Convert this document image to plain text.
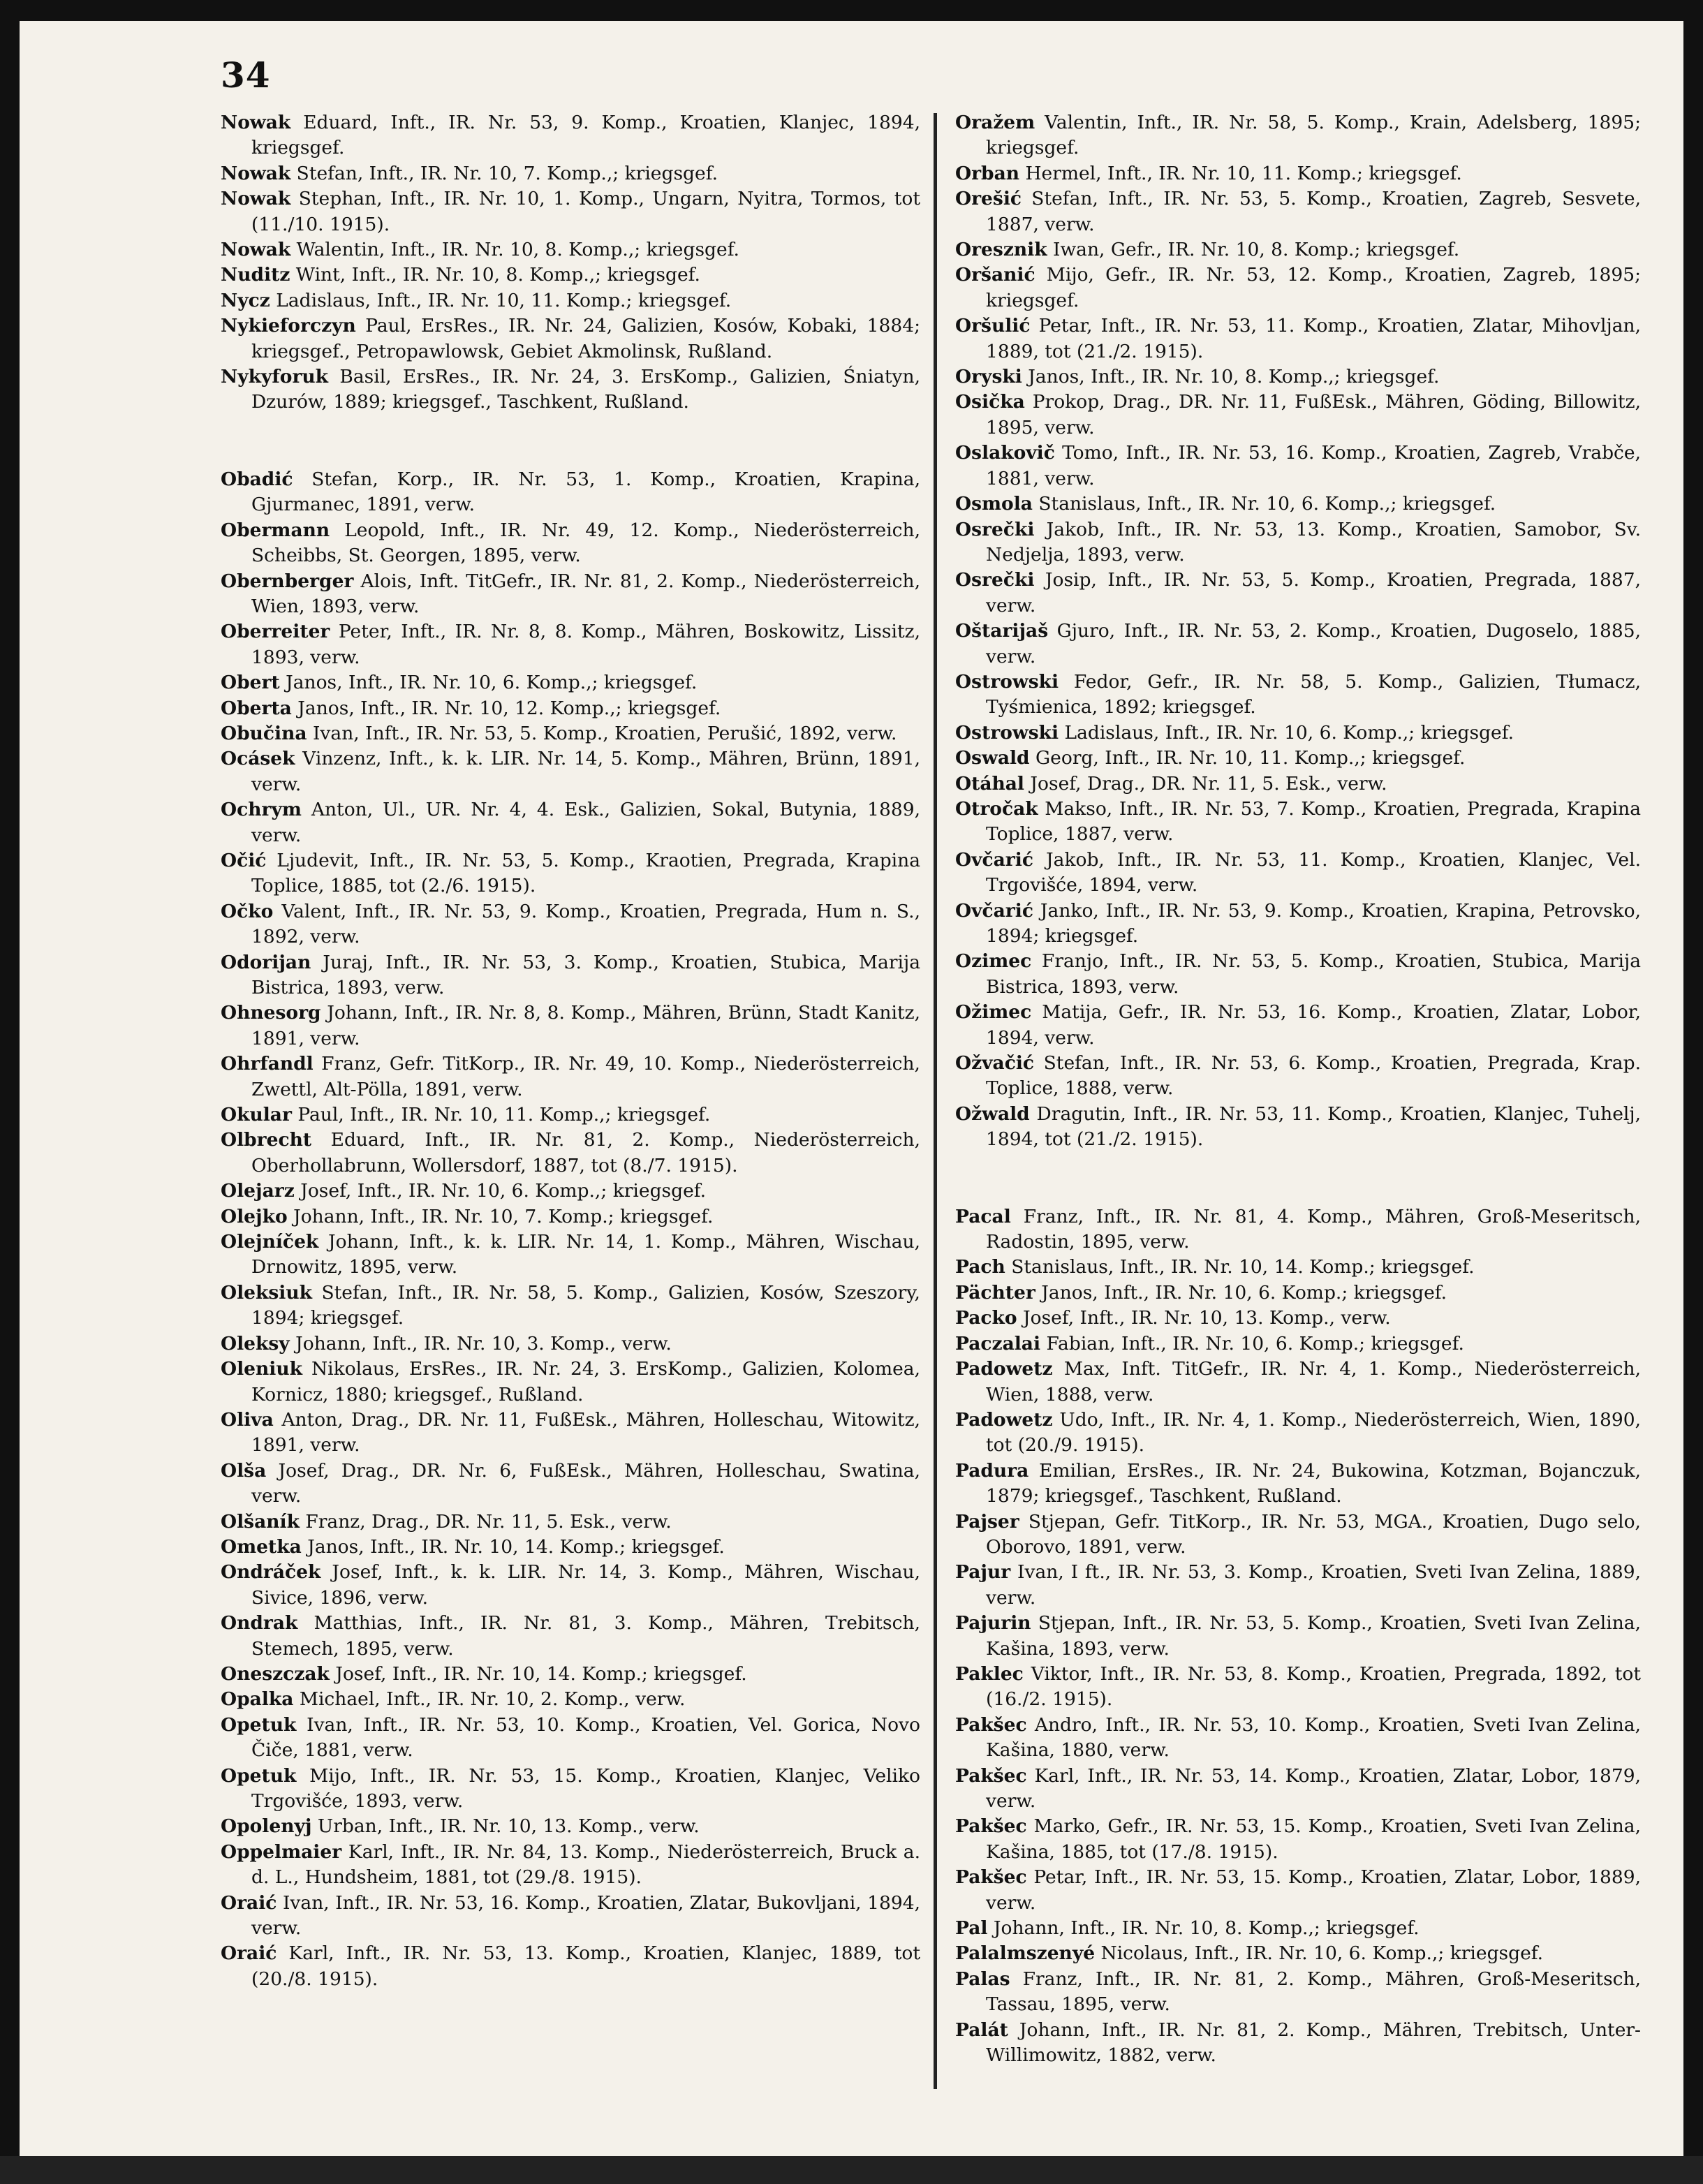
34
Nowak Eduard, Inft., IR. Nr. 53, 9. Komp., Kroatien, Klanjec, 1894, kriegsgef.
Nowak Stefan, Inft., IR. Nr. 10, 7. Komp.,; kriegsgef.
Nowak Stephan, Inft., IR. Nr. 10, 1. Komp., Ungarn, Nyitra, Tormos, tot (11./10. 1915).
Nowak Walentin, Inft., IR. Nr. 10, 8. Komp.,; kriegsgef.
Nuditz Wint, Inft., IR. Nr. 10, 8. Komp.,; kriegsgef.
Nycz Ladislaus, Inft., IR. Nr. 10, 11. Komp.; kriegsgef.
Nykieforczyn Paul, ErsRes., IR. Nr. 24, Galizien, Kosów, Kobaki, 1884; kriegsgef., Petropawlowsk, Gebiet Akmolinsk, Rußland.
Nykyforuk Basil, ErsRes., IR. Nr. 24, 3. ErsKomp., Galizien, Śniatyn, Dzurów, 1889; kriegsgef., Taschkent, Rußland.
Obadić Stefan, Korp., IR. Nr. 53, 1. Komp., Kroatien, Krapina, Gjurmanec, 1891, verw.
Obermann Leopold, Inft., IR. Nr. 49, 12. Komp., Niederösterreich, Scheibbs, St. Georgen, 1895, verw.
Obernberger Alois, Inft. TitGefr., IR. Nr. 81, 2. Komp., Niederösterreich, Wien, 1893, verw.
Oberreiter Peter, Inft., IR. Nr. 8, 8. Komp., Mähren, Boskowitz, Lissitz, 1893, verw.
Obert Janos, Inft., IR. Nr. 10, 6. Komp.,; kriegsgef.
Oberta Janos, Inft., IR. Nr. 10, 12. Komp.,; kriegsgef.
Obučina Ivan, Inft., IR. Nr. 53, 5. Komp., Kroatien, Perušić, 1892, verw.
Ocásek Vinzenz, Inft., k. k. LIR. Nr. 14, 5. Komp., Mähren, Brünn, 1891, verw.
Ochrym Anton, Ul., UR. Nr. 4, 4. Esk., Galizien, Sokal, Butynia, 1889, verw.
Očić Ljudevit, Inft., IR. Nr. 53, 5. Komp., Kraotien, Pregrada, Krapina Toplice, 1885, tot (2./6. 1915).
Očko Valent, Inft., IR. Nr. 53, 9. Komp., Kroatien, Pregrada, Hum n. S., 1892, verw.
Odorijan Juraj, Inft., IR. Nr. 53, 3. Komp., Kroatien, Stubica, Marija Bistrica, 1893, verw.
Ohnesorg Johann, Inft., IR. Nr. 8, 8. Komp., Mähren, Brünn, Stadt Kanitz, 1891, verw.
Ohrfandl Franz, Gefr. TitKorp., IR. Nr. 49, 10. Komp., Niederösterreich, Zwettl, Alt-Pölla, 1891, verw.
Okular Paul, Inft., IR. Nr. 10, 11. Komp.,; kriegsgef.
Olbrecht Eduard, Inft., IR. Nr. 81, 2. Komp., Niederösterreich, Oberhollabrunn, Wollersdorf, 1887, tot (8./7. 1915).
Olejarz Josef, Inft., IR. Nr. 10, 6. Komp.,; kriegsgef.
Olejko Johann, Inft., IR. Nr. 10, 7. Komp.; kriegsgef.
Olejníček Johann, Inft., k. k. LIR. Nr. 14, 1. Komp., Mähren, Wischau, Drnowitz, 1895, verw.
Oleksiuk Stefan, Inft., IR. Nr. 58, 5. Komp., Galizien, Kosów, Szeszory, 1894; kriegsgef.
Oleksy Johann, Inft., IR. Nr. 10, 3. Komp., verw.
Oleniuk Nikolaus, ErsRes., IR. Nr. 24, 3. ErsKomp., Galizien, Kolomea, Kornicz, 1880; kriegsgef., Rußland.
Oliva Anton, Drag., DR. Nr. 11, FußEsk., Mähren, Holleschau, Witowitz, 1891, verw.
Olša Josef, Drag., DR. Nr. 6, FußEsk., Mähren, Holleschau, Swatina, verw.
Olšaník Franz, Drag., DR. Nr. 11, 5. Esk., verw.
Ometka Janos, Inft., IR. Nr. 10, 14. Komp.; kriegsgef.
Ondráček Josef, Inft., k. k. LIR. Nr. 14, 3. Komp., Mähren, Wischau, Sivice, 1896, verw.
Ondrak Matthias, Inft., IR. Nr. 81, 3. Komp., Mähren, Trebitsch, Stemech, 1895, verw.
Oneszczak Josef, Inft., IR. Nr. 10, 14. Komp.; kriegsgef.
Opalka Michael, Inft., IR. Nr. 10, 2. Komp., verw.
Opetuk Ivan, Inft., IR. Nr. 53, 10. Komp., Kroatien, Vel. Gorica, Novo Čiče, 1881, verw.
Opetuk Mijo, Inft., IR. Nr. 53, 15. Komp., Kroatien, Klanjec, Veliko Trgovišće, 1893, verw.
Opolenyj Urban, Inft., IR. Nr. 10, 13. Komp., verw.
Oppelmaier Karl, Inft., IR. Nr. 84, 13. Komp., Niederösterreich, Bruck a. d. L., Hundsheim, 1881, tot (29./8. 1915).
Oraić Ivan, Inft., IR. Nr. 53, 16. Komp., Kroatien, Zlatar, Bukovljani, 1894, verw.
Oraić Karl, Inft., IR. Nr. 53, 13. Komp., Kroatien, Klanjec, 1889, tot (20./8. 1915).
Oražem Valentin, Inft., IR. Nr. 58, 5. Komp., Krain, Adelsberg, 1895; kriegsgef.
Orban Hermel, Inft., IR. Nr. 10, 11. Komp.; kriegsgef.
Orešić Stefan, Inft., IR. Nr. 53, 5. Komp., Kroatien, Zagreb, Sesvete, 1887, verw.
Oresznik Iwan, Gefr., IR. Nr. 10, 8. Komp.; kriegsgef.
Oršanić Mijo, Gefr., IR. Nr. 53, 12. Komp., Kroatien, Zagreb, 1895; kriegsgef.
Oršulić Petar, Inft., IR. Nr. 53, 11. Komp., Kroatien, Zlatar, Mihovljan, 1889, tot (21./2. 1915).
Oryski Janos, Inft., IR. Nr. 10, 8. Komp.,; kriegsgef.
Osička Prokop, Drag., DR. Nr. 11, FußEsk., Mähren, Göding, Billowitz, 1895, verw.
Oslakovič Tomo, Inft., IR. Nr. 53, 16. Komp., Kroatien, Zagreb, Vrabče, 1881, verw.
Osmola Stanislaus, Inft., IR. Nr. 10, 6. Komp.,; kriegsgef.
Osrečki Jakob, Inft., IR. Nr. 53, 13. Komp., Kroatien, Samobor, Sv. Nedjelja, 1893, verw.
Osrečki Josip, Inft., IR. Nr. 53, 5. Komp., Kroatien, Pregrada, 1887, verw.
Oštarijaš Gjuro, Inft., IR. Nr. 53, 2. Komp., Kroatien, Dugoselo, 1885, verw.
Ostrowski Fedor, Gefr., IR. Nr. 58, 5. Komp., Galizien, Tłumacz, Tyśmienica, 1892; kriegsgef.
Ostrowski Ladislaus, Inft., IR. Nr. 10, 6. Komp.,; kriegsgef.
Oswald Georg, Inft., IR. Nr. 10, 11. Komp.,; kriegsgef.
Otáhal Josef, Drag., DR. Nr. 11, 5. Esk., verw.
Otročak Makso, Inft., IR. Nr. 53, 7. Komp., Kroatien, Pregrada, Krapina Toplice, 1887, verw.
Ovčarić Jakob, Inft., IR. Nr. 53, 11. Komp., Kroatien, Klanjec, Vel. Trgovišće, 1894, verw.
Ovčarić Janko, Inft., IR. Nr. 53, 9. Komp., Kroatien, Krapina, Petrovsko, 1894; kriegsgef.
Ozimec Franjo, Inft., IR. Nr. 53, 5. Komp., Kroatien, Stubica, Marija Bistrica, 1893, verw.
Ožimec Matija, Gefr., IR. Nr. 53, 16. Komp., Kroatien, Zlatar, Lobor, 1894, verw.
Ožvačić Stefan, Inft., IR. Nr. 53, 6. Komp., Kroatien, Pregrada, Krap. Toplice, 1888, verw.
Ožwald Dragutin, Inft., IR. Nr. 53, 11. Komp., Kroatien, Klanjec, Tuhelj, 1894, tot (21./2. 1915).
Pacal Franz, Inft., IR. Nr. 81, 4. Komp., Mähren, Groß-Meseritsch, Radostin, 1895, verw.
Pach Stanislaus, Inft., IR. Nr. 10, 14. Komp.; kriegsgef.
Pächter Janos, Inft., IR. Nr. 10, 6. Komp.; kriegsgef.
Packo Josef, Inft., IR. Nr. 10, 13. Komp., verw.
Paczalai Fabian, Inft., IR. Nr. 10, 6. Komp.; kriegsgef.
Padowetz Max, Inft. TitGefr., IR. Nr. 4, 1. Komp., Niederösterreich, Wien, 1888, verw.
Padowetz Udo, Inft., IR. Nr. 4, 1. Komp., Niederösterreich, Wien, 1890, tot (20./9. 1915).
Padura Emilian, ErsRes., IR. Nr. 24, Bukowina, Kotzman, Bojanczuk, 1879; kriegsgef., Taschkent, Rußland.
Pajser Stjepan, Gefr. TitKorp., IR. Nr. 53, MGA., Kroatien, Dugo selo, Oborovo, 1891, verw.
Pajur Ivan, I ft., IR. Nr. 53, 3. Komp., Kroatien, Sveti Ivan Zelina, 1889, verw.
Pajurin Stjepan, Inft., IR. Nr. 53, 5. Komp., Kroatien, Sveti Ivan Zelina, Kašina, 1893, verw.
Paklec Viktor, Inft., IR. Nr. 53, 8. Komp., Kroatien, Pregrada, 1892, tot (16./2. 1915).
Pakšec Andro, Inft., IR. Nr. 53, 10. Komp., Kroatien, Sveti Ivan Zelina, Kašina, 1880, verw.
Pakšec Karl, Inft., IR. Nr. 53, 14. Komp., Kroatien, Zlatar, Lobor, 1879, verw.
Pakšec Marko, Gefr., IR. Nr. 53, 15. Komp., Kroatien, Sveti Ivan Zelina, Kašina, 1885, tot (17./8. 1915).
Pakšec Petar, Inft., IR. Nr. 53, 15. Komp., Kroatien, Zlatar, Lobor, 1889, verw.
Pal Johann, Inft., IR. Nr. 10, 8. Komp.,; kriegsgef.
Palalmszenyé Nicolaus, Inft., IR. Nr. 10, 6. Komp.,; kriegsgef.
Palas Franz, Inft., IR. Nr. 81, 2. Komp., Mähren, Groß-Meseritsch, Tassau, 1895, verw.
Palát Johann, Inft., IR. Nr. 81, 2. Komp., Mähren, Trebitsch, Unter-Willimowitz, 1882, verw.
